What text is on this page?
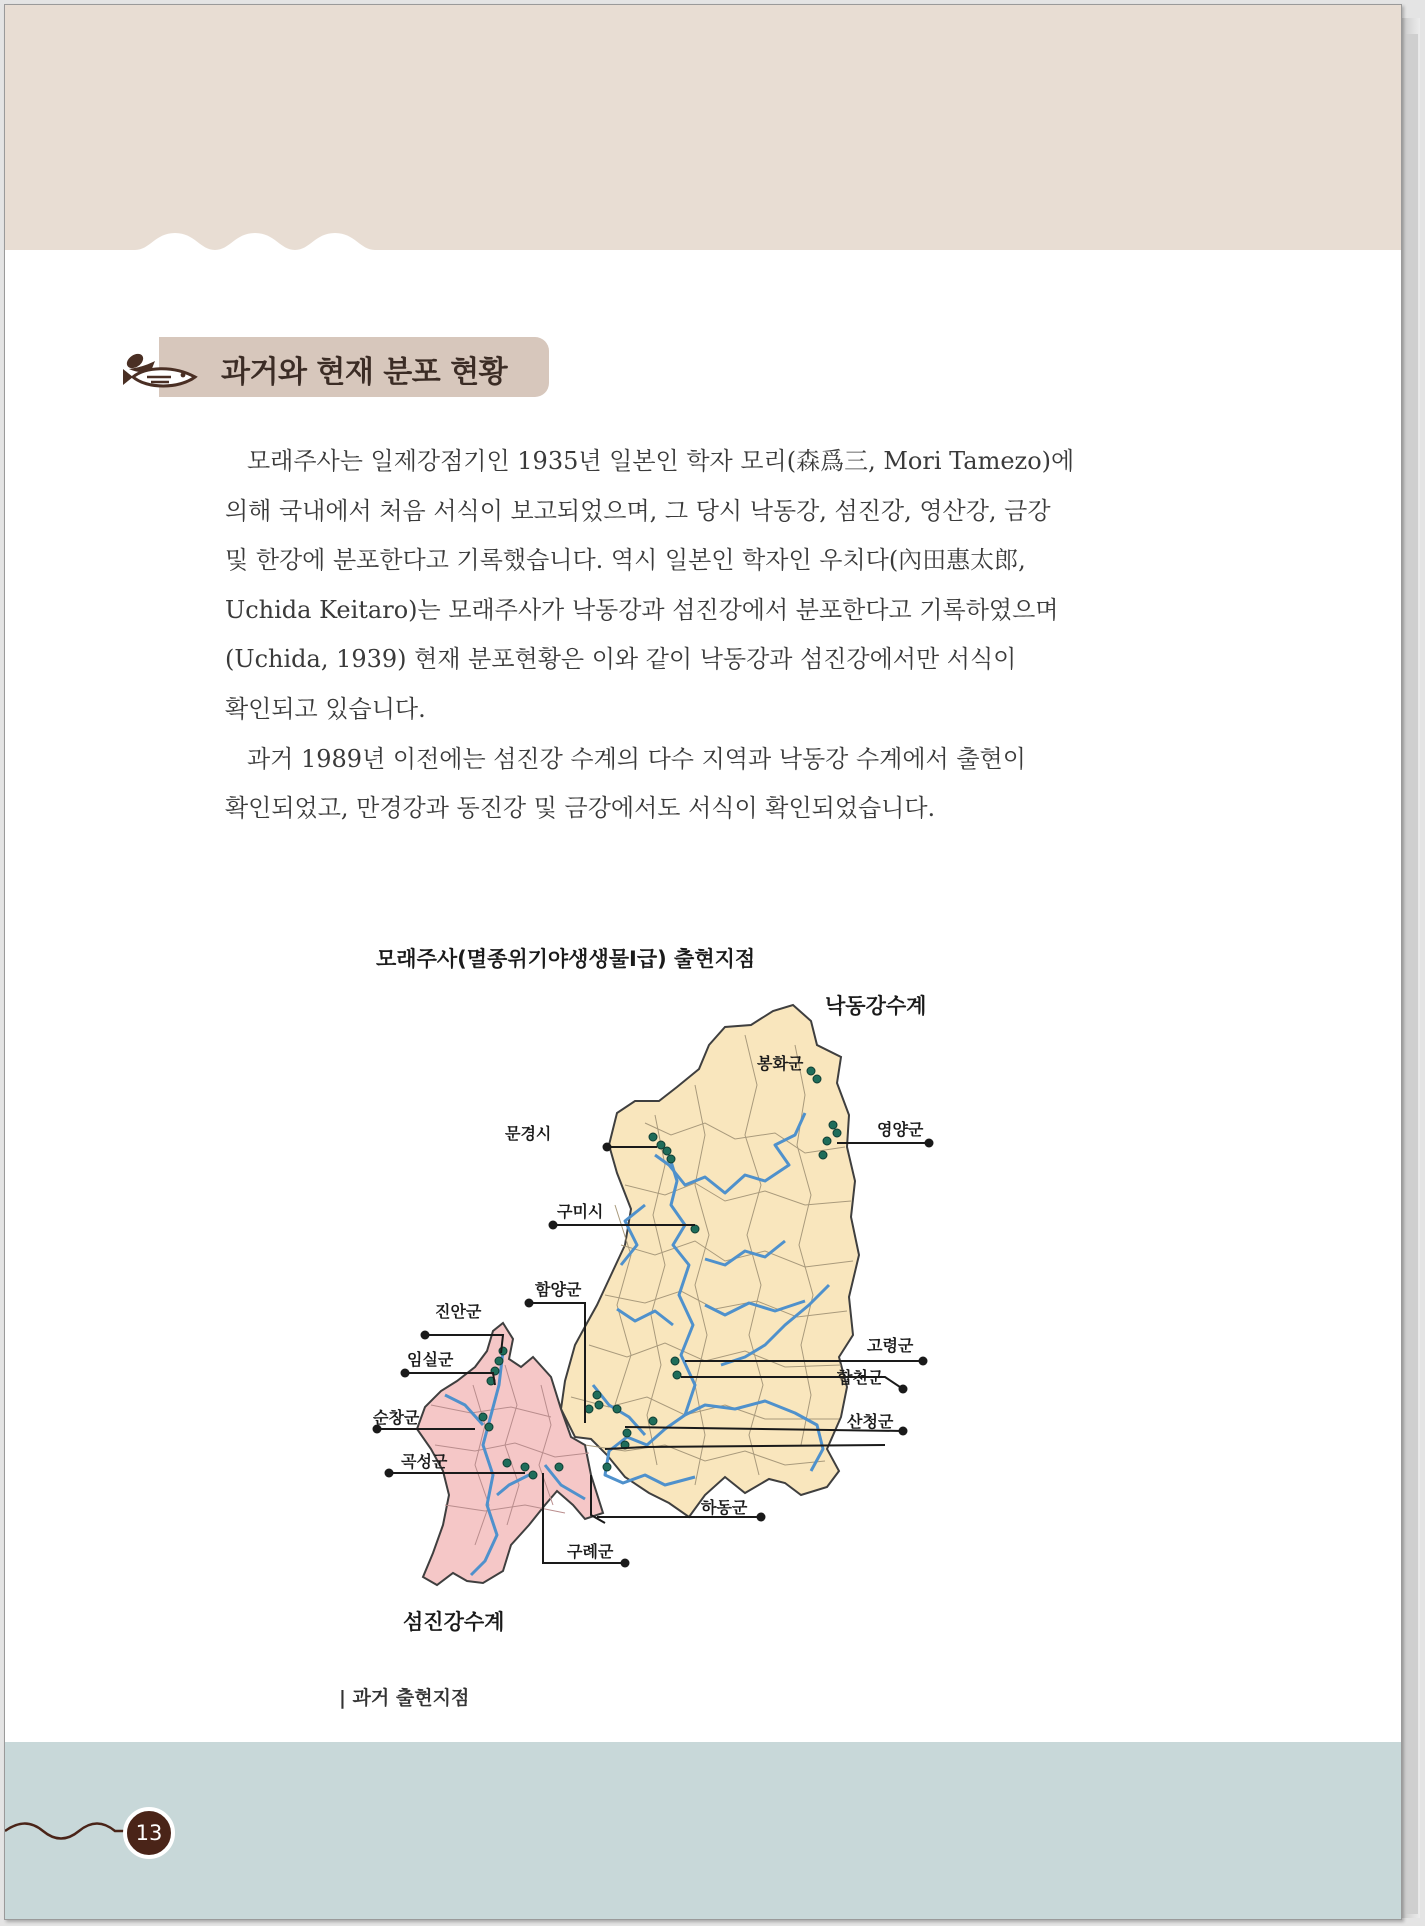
과거와 현재 분포 현황

모래주사는 일제강점기인 1935년 일본인 학자 모리(森爲三, Mori Tamezo)에

의해 국내에서 처음 서식이 보고되었으며, 그 당시 낙동강, 섬진강, 영산강, 금강

및 한강에 분포한다고 기록했습니다. 역시 일본인 학자인 우치다(內田惠太郎,

Uchida Keitaro)는 모래주사가 낙동강과 섬진강에서 분포한다고 기록하였으며

(Uchida, 1939) 현재 분포현황은 이와 같이 낙동강과 섬진강에서만 서식이

확인되고 있습니다.

과거 1989년 이전에는 섬진강 수계의 다수 지역과 낙동강 수계에서 출현이

확인되었고, 만경강과 동진강 및 금강에서도 서식이 확인되었습니다.

모래주사(멸종위기야생생물Ⅰ급) 출현지점
낙동강수계
섬진강수계
봉화군
문경시	영양군
구미시
함양군
진안군
임실군
순창군
곡성군
고령군
합천군
산청군
하동군
구례군
| 과거 출현지점
13
